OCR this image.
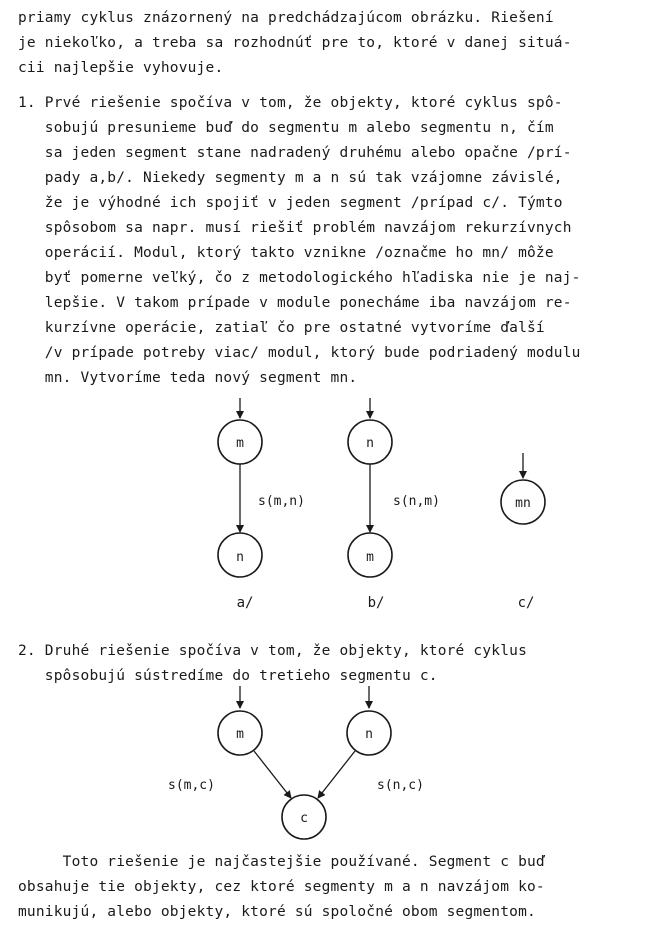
priamy cyklus znázornený na predchádzajúcom obrázku. Riešení
je niekoľko, a treba sa rozhodnúť pre to, ktoré v danej situá-
cii najlepšie vyhovuje.
1. Prvé riešenie spočíva v tom, že objekty, ktoré cyklus spô-
sobujú presunieme buď do segmentu m alebo segmentu n, čím
sa jeden segment stane nadradený druhému alebo opačne /prí-
pady a,b/. Niekedy segmenty m a n sú tak vzájomne závislé,
že je výhodné ich spojiť v jeden segment /prípad c/. Týmto
spôsobom sa napr. musí riešiť problém navzájom rekurzívnych
operácií. Modul, ktorý takto vznikne /označme ho mn/ môže
byť pomerne veľký, čo z metodologického hľadiska nie je naj-
lepšie. V takom prípade v module ponecháme iba navzájom re-
kurzívne operácie, zatiaľ čo pre ostatné vytvoríme ďalší
/v prípade potreby viac/ modul, ktorý bude podriadený modulu
mn. Vytvoríme teda nový segment mn.
m
s(m,n)
n
a/
n
s(n,m)
m
b/
mn
c/
m	n
c
s(m,c)	s(n,c)
2. Druhé riešenie spočíva v tom, že objekty, ktoré cyklus
spôsobujú sústredíme do tretieho segmentu c.
Toto riešenie je najčastejšie používané. Segment c buď
obsahuje tie objekty, cez ktoré segmenty m a n navzájom ko-
munikujú, alebo objekty, ktoré sú spoločné obom segmentom.
